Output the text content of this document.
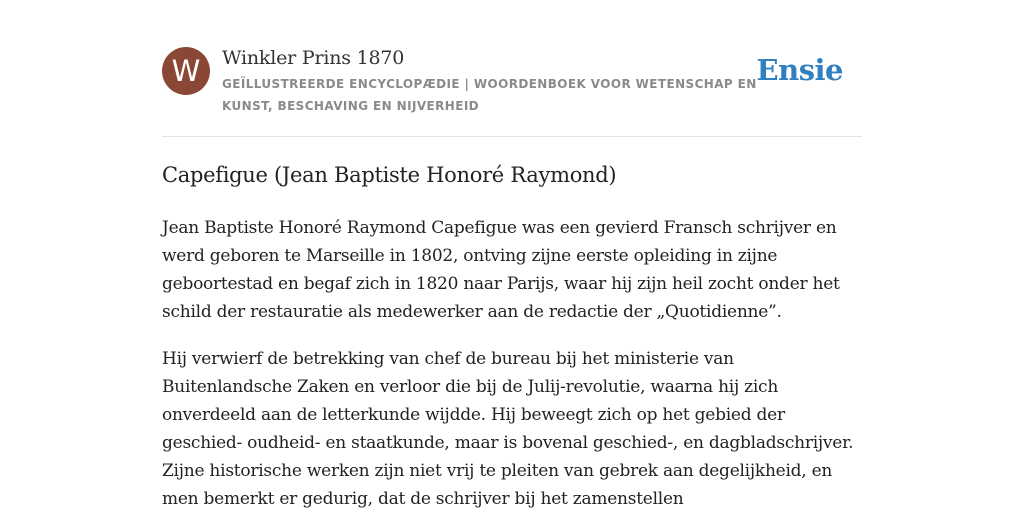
W	Winkler Prins 1870

GEÏLLUSTREERDE ENCYCLOPÆDIE | WOORDENBOEK VOOR WETENSCHAP EN KUNST, BESCHAVING EN NIJVERHEID

Ensie
Capefigue (Jean Baptiste Honoré Raymond)

Jean Baptiste Honoré Raymond Capefigue was een gevierd Fransch schrijver en werd geboren te Marseille in 1802, ontving zijne eerste opleiding in zijne geboortestad en begaf zich in 1820 naar Parijs, waar hij zijn heil zocht onder het schild der restauratie als medewerker aan de redactie der „Quotidienne”.

Hij verwierf de betrekking van chef de bureau bij het ministerie van Buitenlandsche Zaken en verloor die bij de Julij-revolutie, waarna hij zich onverdeeld aan de letterkunde wijdde. Hij beweegt zich op het gebied der geschied- oudheid- en staatkunde, maar is bovenal geschied-, en dagbladschrijver. Zijne historische werken zijn niet vrij te pleiten van gebrek aan degelijkheid, en men bemerkt er gedurig, dat de schrijver bij het zamenstellen
